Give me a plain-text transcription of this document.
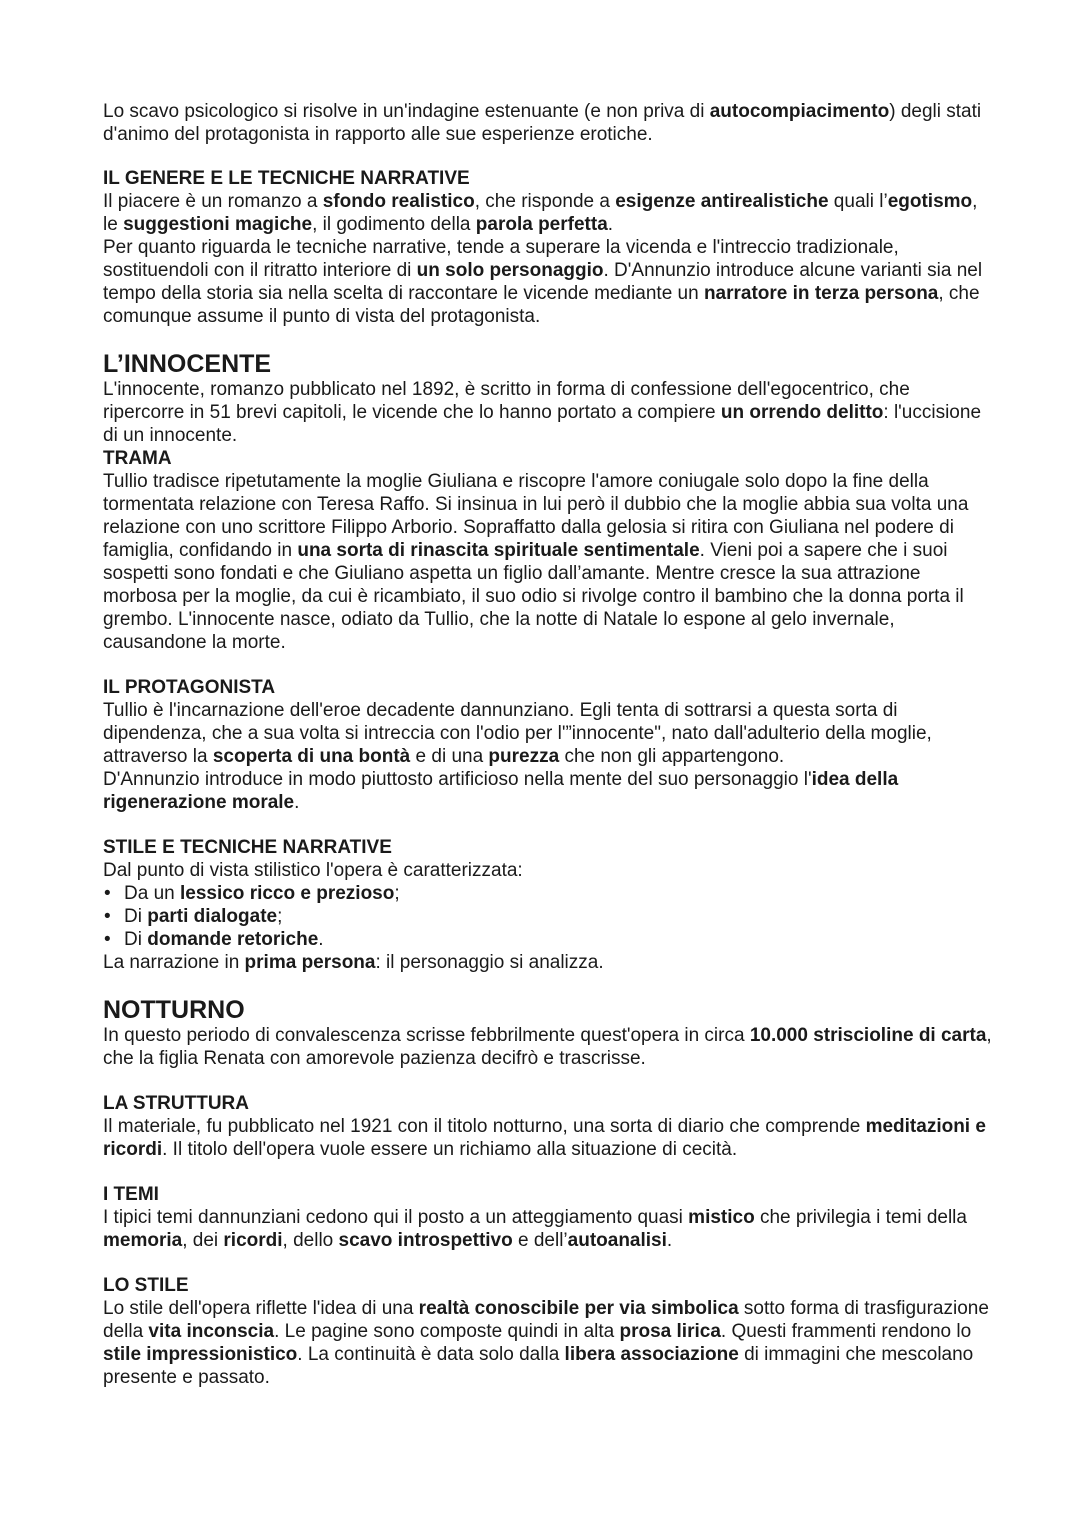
Lo scavo psicologico si risolve in un'indagine estenuante (e non priva di autocompiacimento) degli stati d'animo del protagonista in rapporto alle sue esperienze erotiche.

IL GENERE E LE TECNICHE NARRATIVE

Il piacere è un romanzo a sfondo realistico, che risponde a esigenze antirealistiche quali l’egotismo, le suggestioni magiche, il godimento della parola perfetta.

Per quanto riguarda le tecniche narrative, tende a superare la vicenda e l'intreccio tradizionale, sostituendoli con il ritratto interiore di un solo personaggio. D'Annunzio introduce alcune varianti sia nel tempo della storia sia nella scelta di raccontare le vicende mediante un narratore in terza persona, che comunque assume il punto di vista del protagonista.

L’INNOCENTE

L'innocente, romanzo pubblicato nel 1892, è scritto in forma di confessione dell'egocentrico, che ripercorre in 51 brevi capitoli, le vicende che lo hanno portato a compiere un orrendo delitto: l'uccisione di un innocente.

TRAMA

Tullio tradisce ripetutamente la moglie Giuliana e riscopre l'amore coniugale solo dopo la fine della tormentata relazione con Teresa Raffo. Si insinua in lui però il dubbio che la moglie abbia sua volta una relazione con uno scrittore Filippo Arborio. Sopraffatto dalla gelosia si ritira con Giuliana nel podere di famiglia, confidando in una sorta di rinascita spirituale sentimentale. Vieni poi a sapere che i suoi sospetti sono fondati e che Giuliano aspetta un figlio dall’amante. Mentre cresce la sua attrazione morbosa per la moglie, da cui è ricambiato, il suo odio si rivolge contro il bambino che la donna porta il grembo. L'innocente nasce, odiato da Tullio, che la notte di Natale lo espone al gelo invernale, causandone la morte.

IL PROTAGONISTA

Tullio è l'incarnazione dell'eroe decadente dannunziano. Egli tenta di sottrarsi a questa sorta di dipendenza, che a sua volta si intreccia con l'odio per l'”innocente", nato dall'adulterio della moglie, attraverso la scoperta di una bontà e di una purezza che non gli appartengono.

D'Annunzio introduce in modo piuttosto artificioso nella mente del suo personaggio l'idea della rigenerazione morale.

STILE E TECNICHE NARRATIVE

Dal punto di vista stilistico l'opera è caratterizzata:

• Da un lessico ricco e prezioso;
• Di parti dialogate;
• Di domande retoriche.

La narrazione in prima persona: il personaggio si analizza.

NOTTURNO

In questo periodo di convalescenza scrisse febbrilmente quest'opera in circa 10.000 striscioline di carta, che la figlia Renata con amorevole pazienza decifrò e trascrisse.

LA STRUTTURA

Il materiale, fu pubblicato nel 1921 con il titolo notturno, una sorta di diario che comprende meditazioni e ricordi. Il titolo dell'opera vuole essere un richiamo alla situazione di cecità.

I TEMI

I tipici temi dannunziani cedono qui il posto a un atteggiamento quasi mistico che privilegia i temi della memoria, dei ricordi, dello scavo introspettivo e dell’autoanalisi.

LO STILE

Lo stile dell'opera riflette l'idea di una realtà conoscibile per via simbolica sotto forma di trasfigurazione della vita inconscia. Le pagine sono composte quindi in alta prosa lirica. Questi frammenti rendono lo stile impressionistico. La continuità è data solo dalla libera associazione di immagini che mescolano presente e passato.
